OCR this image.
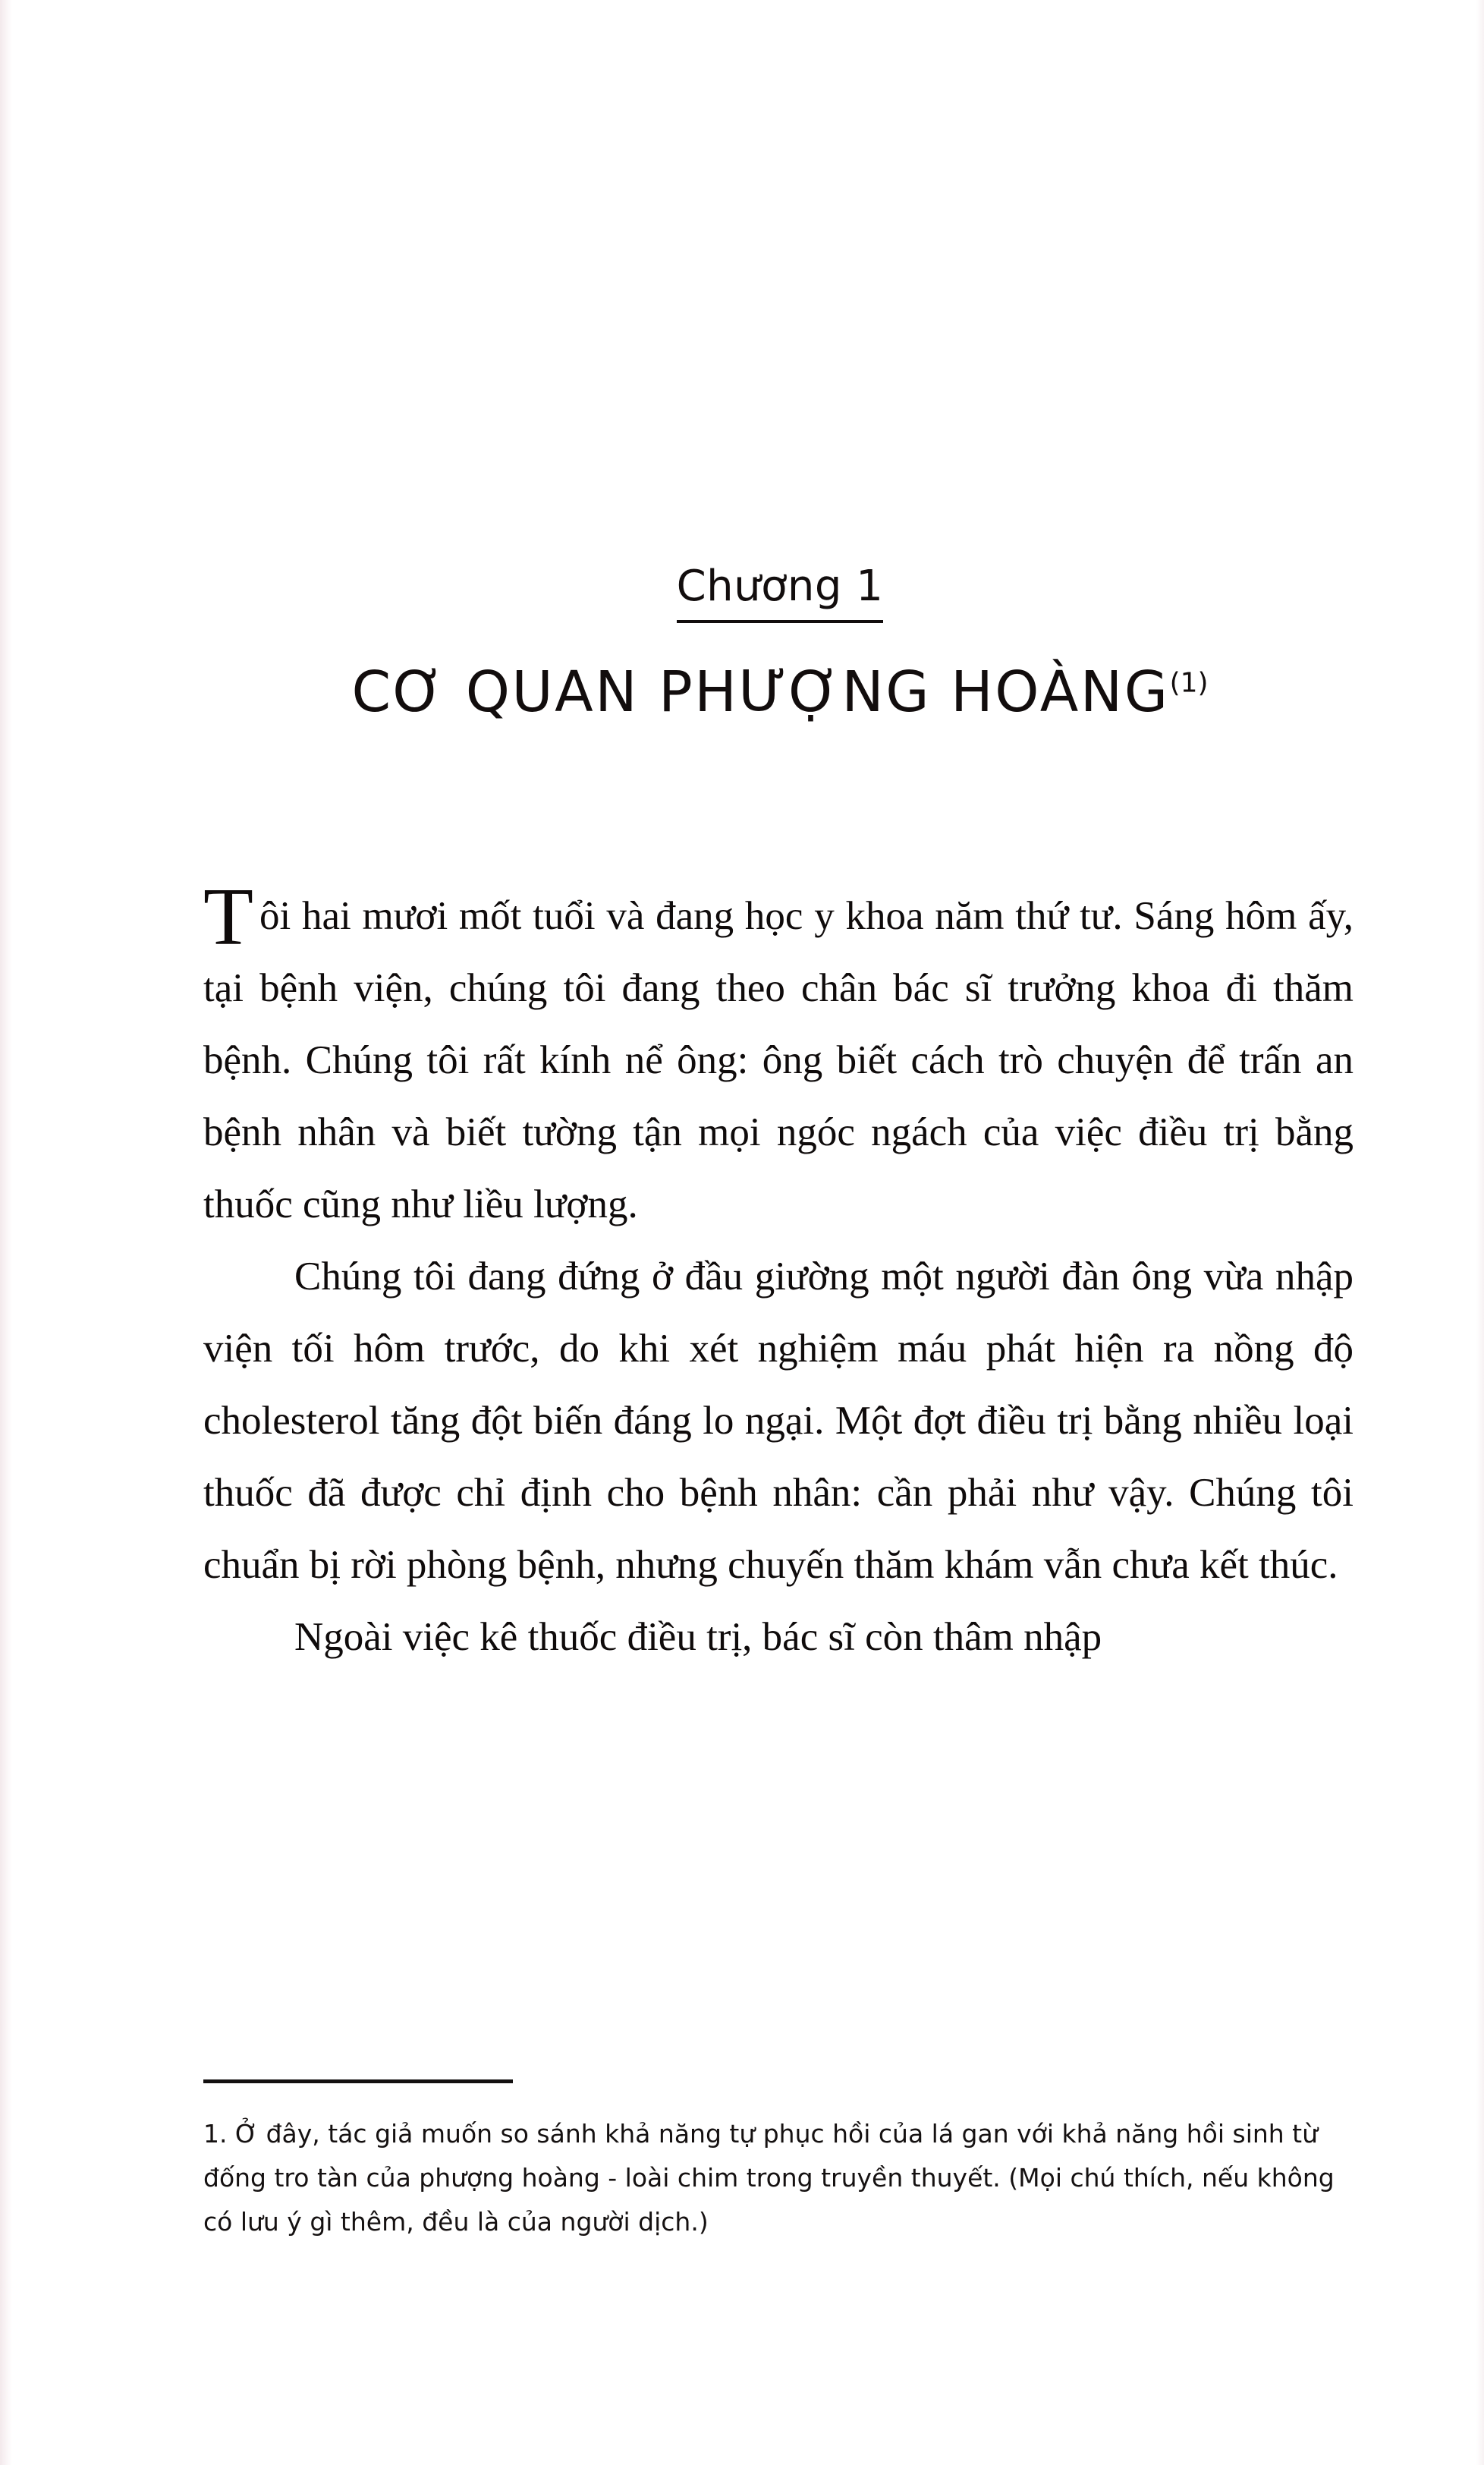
Chương 1
CƠ QUAN PHƯỢNG HOÀNG$^{(1)}$

Tôi hai mươi mốt tuổi và đang học y khoa năm thứ tư. Sáng hôm ấy, tại bệnh viện, chúng tôi đang theo chân bác sĩ trưởng khoa đi thăm bệnh. Chúng tôi rất kính nể ông: ông biết cách trò chuyện để trấn an bệnh nhân và biết tường tận mọi ngóc ngách của việc điều trị bằng thuốc cũng như liều lượng.

Chúng tôi đang đứng ở đầu giường một người đàn ông vừa nhập viện tối hôm trước, do khi xét nghiệm máu phát hiện ra nồng độ cholesterol tăng đột biến đáng lo ngại. Một đợt điều trị bằng nhiều loại thuốc đã được chỉ định cho bệnh nhân: cần phải như vậy. Chúng tôi chuẩn bị rời phòng bệnh, nhưng chuyến thăm khám vẫn chưa kết thúc.

Ngoài việc kê thuốc điều trị, bác sĩ còn thâm nhập

1. Ở đây, tác giả muốn so sánh khả năng tự phục hồi của lá gan với khả năng hồi sinh từ đống tro tàn của phượng hoàng - loài chim trong truyền thuyết. (Mọi chú thích, nếu không có lưu ý gì thêm, đều là của người dịch.)
